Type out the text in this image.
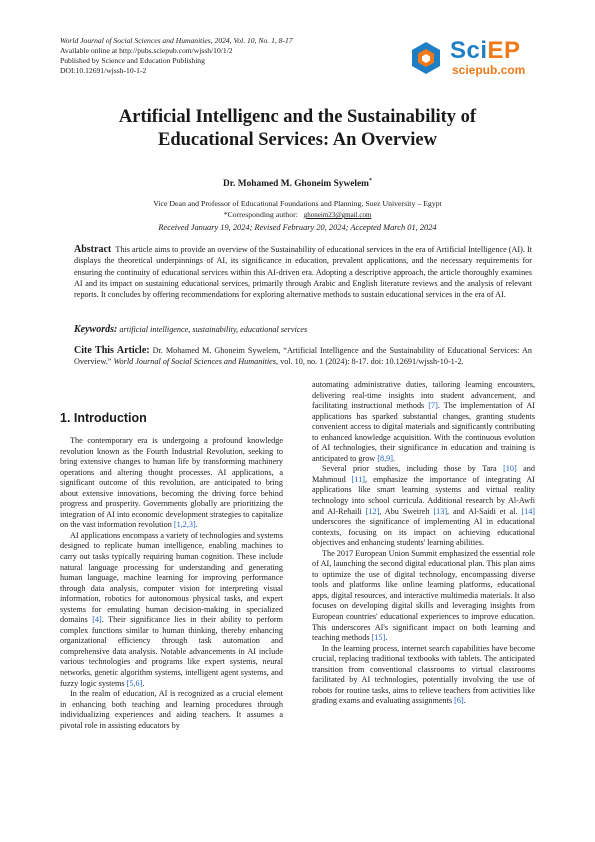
World Journal of Social Sciences and Humanities, 2024, Vol. 10, No. 1, 8-17
Available online at http://pubs.sciepub.com/wjssh/10/1/2
Published by Science and Education Publishing
DOI:10.12691/wjssh-10-1-2
SciEP
sciepub.com
Artificial Intelligenc and the Sustainability of
Educational Services: An Overview
Dr. Mohamed M. Ghoneim Sywelem*
Vice Dean and Professor of Educational Foundations and Planning, Suez University – Egypt
*Corresponding author: ghoneim23@gmail.com
Received January 19, 2024; Revised February 20, 2024; Accepted March 01, 2024
Abstract This article aims to provide an overview of the Sustainability of educational services in the era of Artificial Intelligence (AI). It displays the theoretical underpinnings of AI, its significance in education, prevalent applications, and the necessary requirements for ensuring the continuity of educational services within this AI-driven era. Adopting a descriptive approach, the article thoroughly examines AI and its impact on sustaining educational services, primarily through Arabic and English literature reviews and the analysis of relevant reports. It concludes by offering recommendations for exploring alternative methods to sustain educational services in the era of AI.
Keywords: artificial intelligence, sustainability, educational services
Cite This Article: Dr. Mohamed M. Ghoneim Sywelem, “Artificial Intelligence and the Sustainability of Educational Services: An Overview.” World Journal of Social Sciences and Humanities, vol. 10, no. 1 (2024): 8-17. doi: 10.12691/wjssh-10-1-2.
1. Introduction

The contemporary era is undergoing a profound knowledge revolution known as the Fourth Industrial Revolution, seeking to bring extensive changes to human life by transforming machinery operations and altering thought processes. AI applications, a significant outcome of this revolution, are anticipated to bring about extensive innovations, becoming the driving force behind progress and prosperity. Governments globally are prioritizing the integration of AI into economic development strategies to capitalize on the vast information revolution [1,2,3].

AI applications encompass a variety of technologies and systems designed to replicate human intelligence, enabling machines to carry out tasks typically requiring human cognition. These include natural language processing for understanding and generating human language, machine learning for improving performance through data analysis, computer vision for interpreting visual information, robotics for autonomous physical tasks, and expert systems for emulating human decision-making in specialized domains [4]. Their significance lies in their ability to perform complex functions similar to human thinking, thereby enhancing organizational efficiency through task automation and comprehensive data analysis. Notable advancements in AI include various technologies and programs like expert systems, neural networks, genetic algorithm systems, intelligent agent systems, and fuzzy logic systems [5,6].

In the realm of education, AI is recognized as a crucial element in enhancing both teaching and learning procedures through individualizing experiences and aiding teachers. It assumes a pivotal role in assisting educators by

automating administrative duties, tailoring learning encounters, delivering real-time insights into student advancement, and facilitating instructional methods [7]. The implementation of AI applications has sparked substantial changes, granting students convenient access to digital materials and significantly contributing to enhanced knowledge acquisition. With the continuous evolution of AI technologies, their significance in education and training is anticipated to grow [8,9].

Several prior studies, including those by Tara [10] and Mahmoud [11], emphasize the importance of integrating AI applications like smart learning systems and virtual reality technology into school curricula. Additional research by Al-Awfi and Al-Rehaili [12], Abu Sweireh [13], and Al-Saidi et al. [14] underscores the significance of implementing AI in educational contexts, focusing on its impact on achieving educational objectives and enhancing students' learning abilities.

The 2017 European Union Summit emphasized the essential role of AI, launching the second digital educational plan. This plan aims to optimize the use of digital technology, encompassing diverse tools and platforms like online learning platforms, educational apps, digital resources, and interactive multimedia materials. It also focuses on developing digital skills and leveraging insights from European countries' educational experiences to improve education. This underscores AI's significant impact on both learning and teaching methods [15].

In the learning process, internet search capabilities have become crucial, replacing traditional textbooks with tablets. The anticipated transition from conventional classrooms to virtual classrooms facilitated by AI technologies, potentially involving the use of robots for routine tasks, aims to relieve teachers from activities like grading exams and evaluating assignments [6].
